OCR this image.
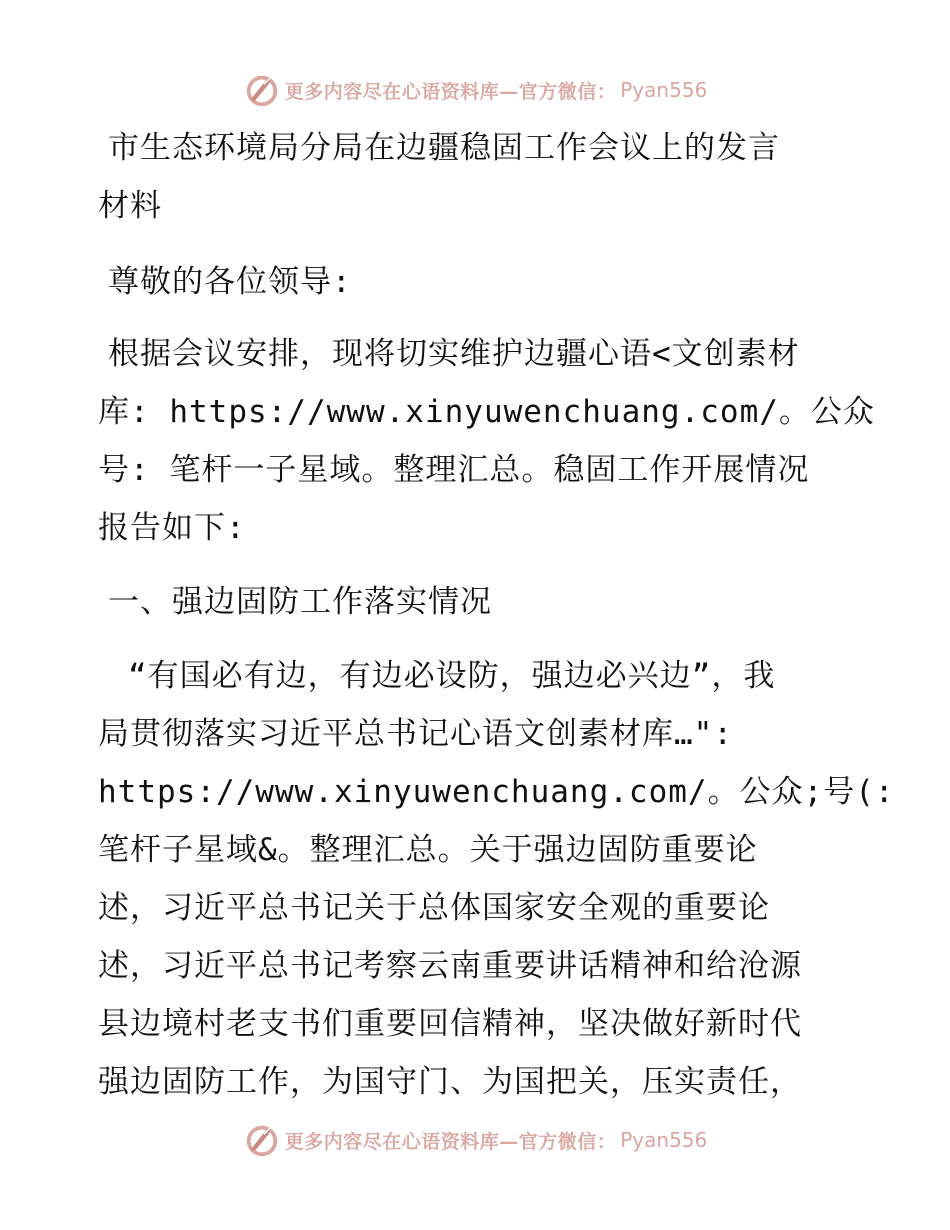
更多内容尽在心语资料库—官方微信： Pyan556
市生态环境局分局在边疆稳固工作会议上的发言
材料
尊敬的各位领导:
根据会议安排，现将切实维护边疆心语<文创素材
库: https://www.xinyuwenchuang.com/。公众
号: 笔杆一子星域。整理汇总。稳固工作开展情况
报告如下:
一、强边固防工作落实情况
“有国必有边，有边必设防，强边必兴边”，我
局贯彻落实习近平总书记心语文创素材库…":
https://www.xinyuwenchuang.com/。公众;号(:
笔杆子星域&。整理汇总。关于强边固防重要论
述，习近平总书记关于总体国家安全观的重要论
述，习近平总书记考察云南重要讲话精神和给沧源
县边境村老支书们重要回信精神，坚决做好新时代
强边固防工作，为国守门、为国把关，压实责任，
更多内容尽在心语资料库—官方微信： Pyan556
